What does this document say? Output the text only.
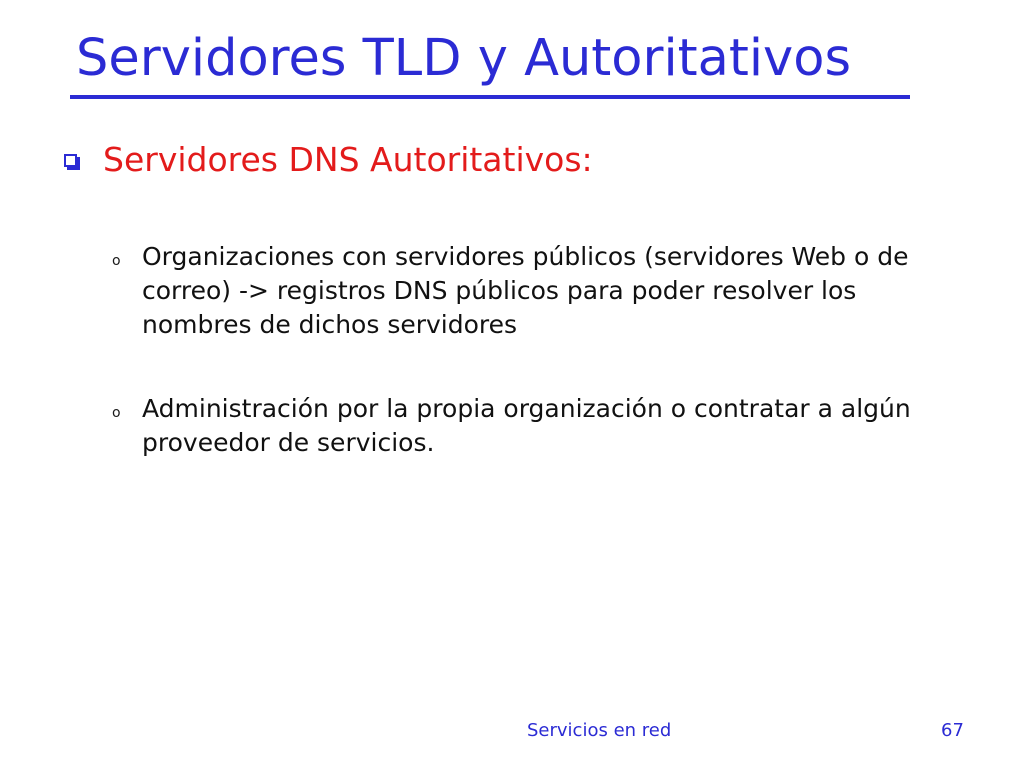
Servidores TLD y Autoritativos
Servidores DNS Autoritativos:
o Organizaciones con servidores públicos (servidores Web o de correo) -> registros DNS públicos para poder resolver los nombres de dichos servidores
o Administración por la propia organización o contratar a algún proveedor de servicios.
Servicios en red	67
